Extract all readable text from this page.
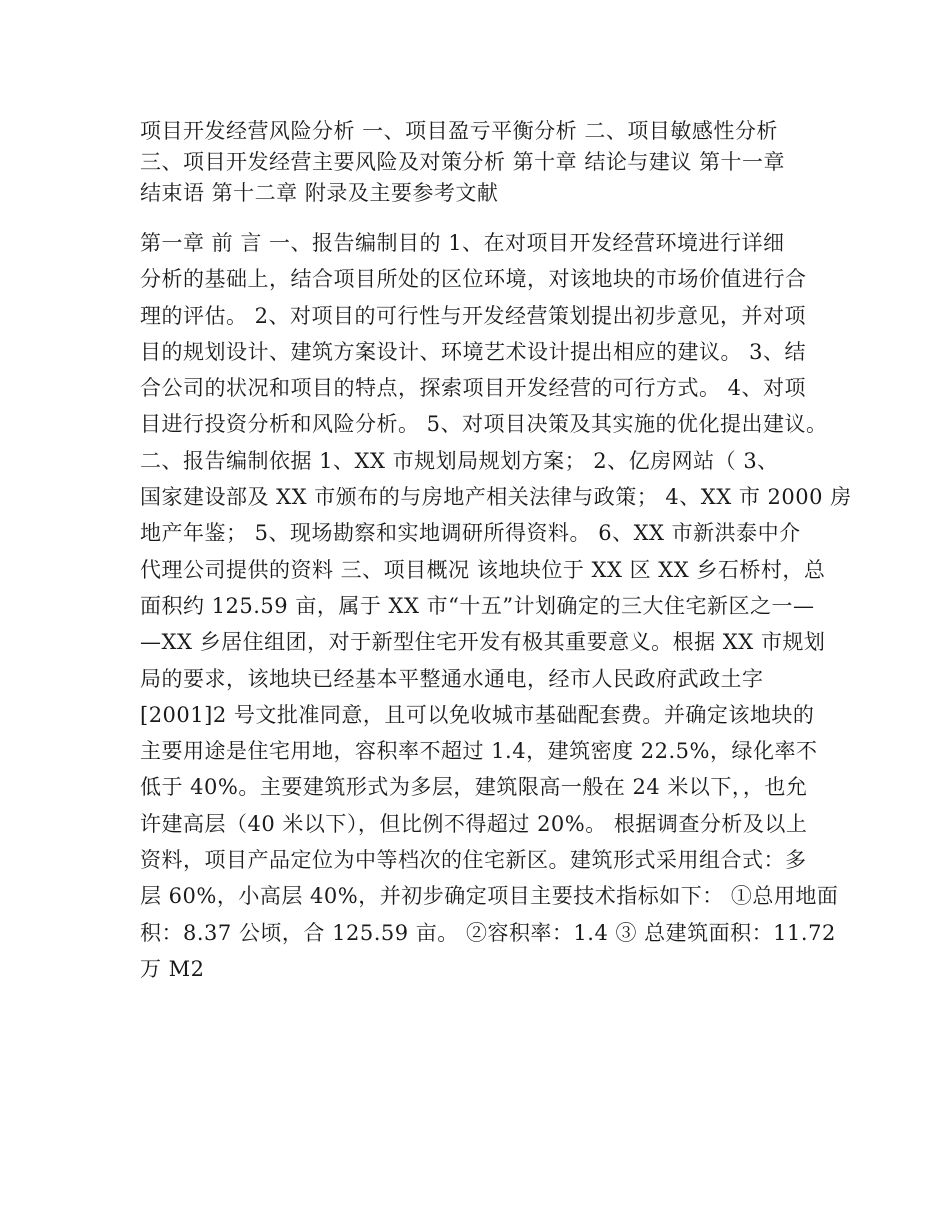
项目开发经营风险分析 一、项目盈亏平衡分析 二、项目敏感性分析
三、项目开发经营主要风险及对策分析 第十章 结论与建议 第十一章
结束语 第十二章 附录及主要参考文献
第一章 前 言 一、报告编制目的 1、在对项目开发经营环境进行详细
分析的基础上，结合项目所处的区位环境，对该地块的市场价值进行合
理的评估。 2、对项目的可行性与开发经营策划提出初步意见，并对项
目的规划设计、建筑方案设计、环境艺术设计提出相应的建议。 3、结
合公司的状况和项目的特点，探索项目开发经营的可行方式。 4、对项
目进行投资分析和风险分析。 5、对项目决策及其实施的优化提出建议。
二、报告编制依据 1、XX 市规划局规划方案； 2、亿房网站（ 3、
国家建设部及 XX 市颁布的与房地产相关法律与政策； 4、XX 市 2000 房
地产年鉴； 5、现场勘察和实地调研所得资料。 6、XX 市新洪泰中介
代理公司提供的资料 三、项目概况 该地块位于 XX 区 XX 乡石桥村，总
面积约 125.59 亩，属于 XX 市“十五”计划确定的三大住宅新区之一—
—XX 乡居住组团，对于新型住宅开发有极其重要意义。根据 XX 市规划
局的要求，该地块已经基本平整通水通电，经市人民政府武政土字
[2001]2 号文批准同意，且可以免收城市基础配套费。并确定该地块的
主要用途是住宅用地，容积率不超过 1.4，建筑密度 22.5%，绿化率不
低于 40%。主要建筑形式为多层，建筑限高一般在 24 米以下，，也允
许建高层（40 米以下），但比例不得超过 20%。 根据调查分析及以上
资料，项目产品定位为中等档次的住宅新区。建筑形式采用组合式：多
层 60%，小高层 40%，并初步确定项目主要技术指标如下： ①总用地面
积：8.37 公顷，合 125.59 亩。 ②容积率：1.4 ③ 总建筑面积：11.72
万 M2
